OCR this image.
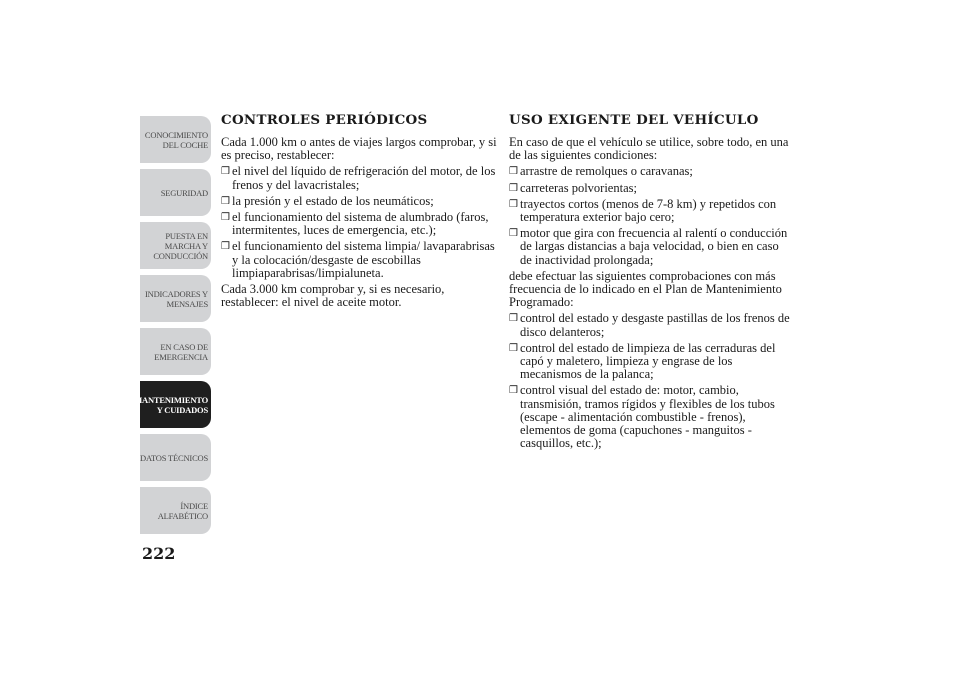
CONOCIMIENTO
DEL COCHE
SEGURIDAD
PUESTA EN
MARCHA Y
CONDUCCIÓN
INDICADORES Y
MENSAJES
EN CASO DE
EMERGENCIA
MANTENIMIENTO
Y CUIDADOS
DATOS TÉCNICOS
ÍNDICE
ALFABÉTICO
222
CONTROLES PERIÓDICOS

Cada 1.000 km o antes de viajes largos comprobar, y si es preciso, restablecer:

❒ el nivel del líquido de refrigeración del motor, de los frenos y del lavacristales;
❒ la presión y el estado de los neumáticos;
❒ el funcionamiento del sistema de alumbrado (faros, intermitentes, luces de emergencia, etc.);
❒ el funcionamiento del sistema limpia/ lavaparabrisas y la colocación/desgaste de escobillas limpiaparabrisas/limpialuneta.

Cada 3.000 km comprobar y, si es necesario, restablecer: el nivel de aceite motor.

USO EXIGENTE DEL VEHÍCULO

En caso de que el vehículo se utilice, sobre todo, en una de las siguientes condiciones:

❒ arrastre de remolques o caravanas;
❒ carreteras polvorientas;
❒ trayectos cortos (menos de 7-8 km) y repetidos con temperatura exterior bajo cero;
❒ motor que gira con frecuencia al ralentí o conducción de largas distancias a baja velocidad, o bien en caso de inactividad prolongada;

debe efectuar las siguientes comprobaciones con más frecuencia de lo indicado en el Plan de Mantenimiento Programado:

❒ control del estado y desgaste pastillas de los frenos de disco delanteros;
❒ control del estado de limpieza de las cerraduras del capó y maletero, limpieza y engrase de los mecanismos de la palanca;
❒ control visual del estado de: motor, cambio, transmisión, tramos rígidos y flexibles de los tubos (escape - alimentación combustible - frenos), elementos de goma (capuchones - manguitos - casquillos, etc.);
